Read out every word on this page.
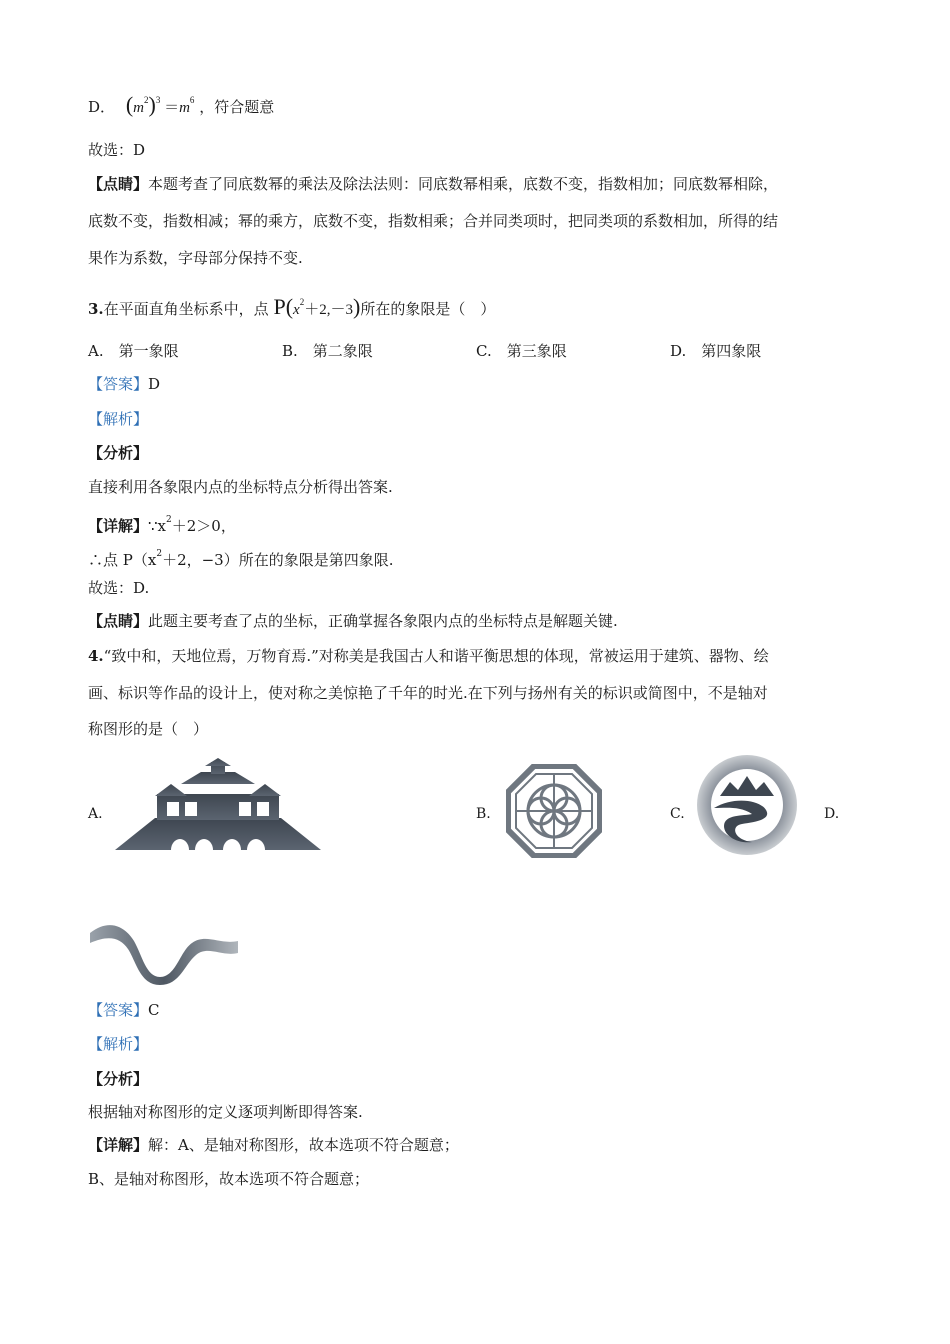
D． $(m^2)^3 =m^6$ ，符合题意
故选：D
【点睛】本题考查了同底数幂的乘法及除法法则：同底数幂相乘，底数不变，指数相加；同底数幂相除，
底数不变，指数相减；幂的乘方，底数不变，指数相乘；合并同类项时，把同类项的系数相加，所得的结
果作为系数，字母部分保持不变.
3.在平面直角坐标系中，点 $P(x^2+2,-3)$所在的象限是（　）
A.　第一象限	B.　第二象限	C.　第三象限	D.　第四象限
【答案】D
【解析】
【分析】
直接利用各象限内点的坐标特点分析得出答案.
【详解】$\because x^2+2>0$，
∴点 $P(x^2+2$，−3）所在的象限是第四象限.
故选：D.
【点睛】此题主要考查了点的坐标，正确掌握各象限内点的坐标特点是解题关键.
4.“致中和，天地位焉，万物育焉.”对称美是我国古人和谐平衡思想的体现，常被运用于建筑、器物、绘
画、标识等作品的设计上，使对称之美惊艳了千年的时光.在下列与扬州有关的标识或简图中，不是轴对
称图形的是（　）
A.	B.	C.	D.
【答案】C
【解析】
【分析】
根据轴对称图形的定义逐项判断即得答案.
【详解】解：A、是轴对称图形，故本选项不符合题意；
B、是轴对称图形，故本选项不符合题意；
